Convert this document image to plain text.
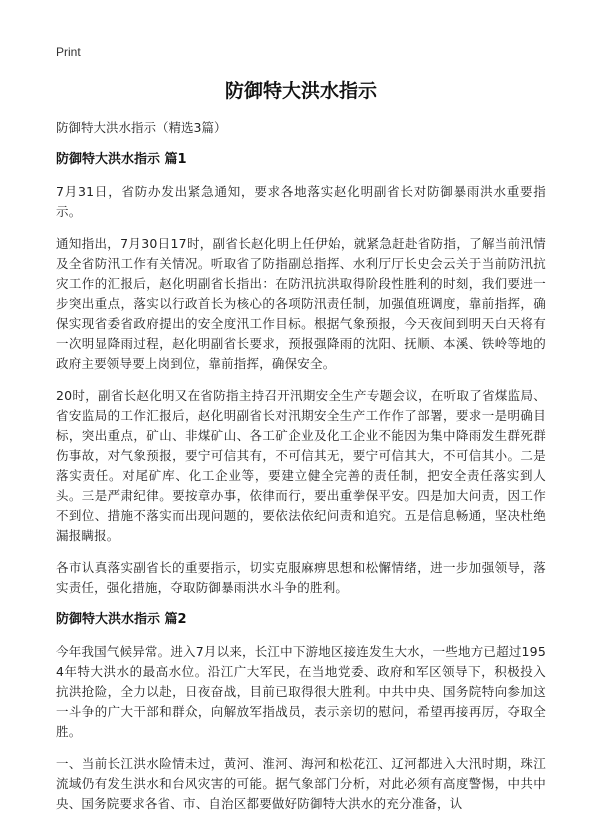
Print
防御特大洪水指示
防御特大洪水指示（精选3篇）
防御特大洪水指示 篇1

7月31日，省防办发出紧急通知，要求各地落实赵化明副省长对防御暴雨洪水重要指示。

通知指出，7月30日17时，副省长赵化明上任伊始，就紧急赶赴省防指，了解当前汛情及全省防汛工作有关情况。听取省了防指副总指挥、水利厅厅长史会云关于当前防汛抗灾工作的汇报后，赵化明副省长指出：在防汛抗洪取得阶段性胜利的时刻，我们要进一步突出重点，落实以行政首长为核心的各项防汛责任制，加强值班调度，靠前指挥，确保实现省委省政府提出的安全度汛工作目标。根据气象预报，今天夜间到明天白天将有一次明显降雨过程，赵化明副省长要求，预报强降雨的沈阳、抚顺、本溪、铁岭等地的政府主要领导要上岗到位，靠前指挥，确保安全。

20时，副省长赵化明又在省防指主持召开汛期安全生产专题会议，在听取了省煤监局、省安监局的工作汇报后，赵化明副省长对汛期安全生产工作作了部署，要求一是明确目标，突出重点，矿山、非煤矿山、各工矿企业及化工企业不能因为集中降雨发生群死群伤事故，对气象预报，要宁可信其有，不可信其无，要宁可信其大，不可信其小。二是落实责任。对尾矿库、化工企业等，要建立健全完善的责任制，把安全责任落实到人头。三是严肃纪律。要按章办事，依律而行，要出重拳保平安。四是加大问责，因工作不到位、措施不落实而出现问题的，要依法依纪问责和追究。五是信息畅通，坚决杜绝漏报瞒报。

各市认真落实副省长的重要指示，切实克服麻痹思想和松懈情绪，进一步加强领导，落实责任，强化措施，夺取防御暴雨洪水斗争的胜利。

防御特大洪水指示 篇2

今年我国气候异常。进入7月以来，长江中下游地区接连发生大水，一些地方已超过1954年特大洪水的最高水位。沿江广大军民，在当地党委、政府和军区领导下，积极投入抗洪抢险，全力以赴，日夜奋战，目前已取得很大胜利。中共中央、国务院特向参加这一斗争的广大干部和群众，向解放军指战员，表示亲切的慰问，希望再接再厉，夺取全胜。

一、当前长江洪水险情未过，黄河、淮河、海河和松花江、辽河都进入大汛时期，珠江流域仍有发生洪水和台风灾害的可能。据气象部门分析，对此必须有高度警惕，中共中央、国务院要求各省、市、自治区都要做好防御特大洪水的充分准备，认
